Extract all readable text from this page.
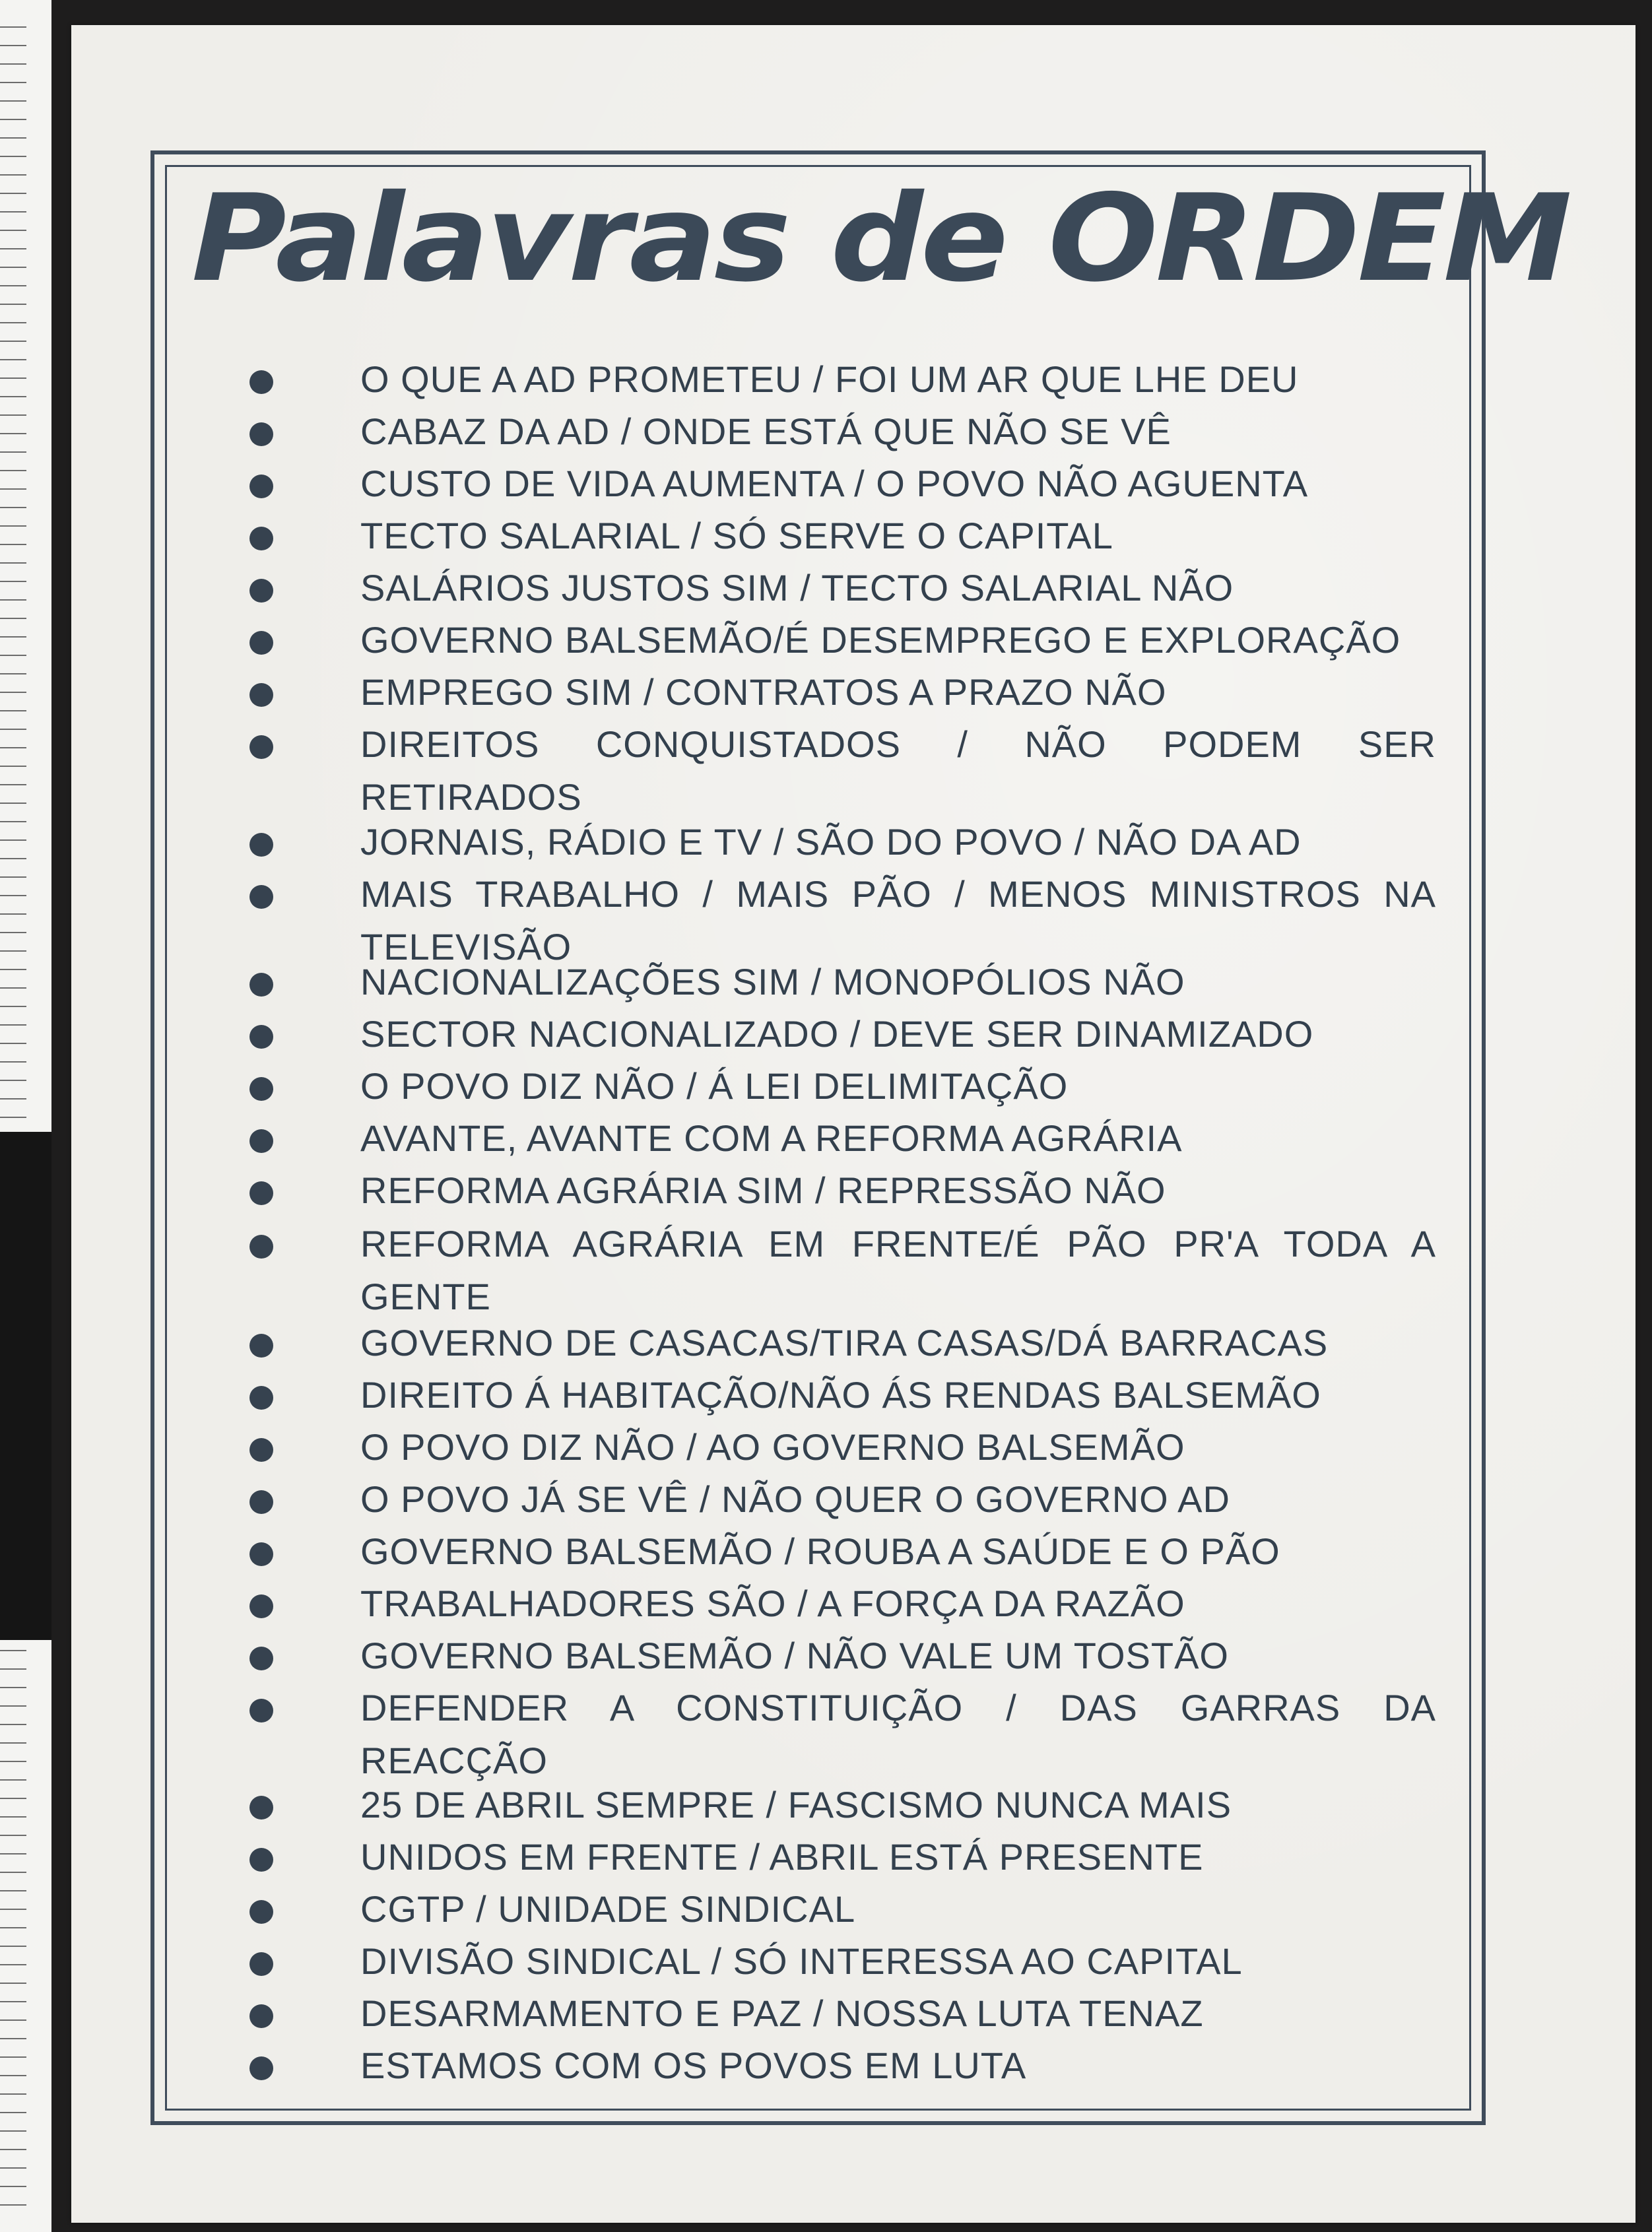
Palavras de ORDEM
O QUE A AD PROMETEU / FOI UM AR QUE LHE DEU
CABAZ DA AD / ONDE ESTÁ QUE NÃO SE VÊ
CUSTO DE VIDA AUMENTA / O POVO NÃO AGUENTA
TECTO SALARIAL / SÓ SERVE O CAPITAL
SALÁRIOS JUSTOS SIM / TECTO SALARIAL NÃO
GOVERNO BALSEMÃO/É DESEMPREGO E EXPLORAÇÃO
EMPREGO SIM / CONTRATOS A PRAZO NÃO
DIREITOS CONQUISTADOS / NÃO PODEM SER RETIRADOS
JORNAIS, RÁDIO E TV / SÃO DO POVO / NÃO DA AD
MAIS TRABALHO / MAIS PÃO / MENOS MINISTROS NA TELEVISÃO
NACIONALIZAÇÕES SIM / MONOPÓLIOS NÃO
SECTOR NACIONALIZADO / DEVE SER DINAMIZADO
O POVO DIZ NÃO / Á LEI DELIMITAÇÃO
AVANTE, AVANTE COM A REFORMA AGRÁRIA
REFORMA AGRÁRIA SIM / REPRESSÃO NÃO
REFORMA AGRÁRIA EM FRENTE/É PÃO PR'A TODA A GENTE
GOVERNO DE CASACAS/TIRA CASAS/DÁ BARRACAS
DIREITO Á HABITAÇÃO/NÃO ÁS RENDAS BALSEMÃO
O POVO DIZ NÃO / AO GOVERNO BALSEMÃO
O POVO JÁ SE VÊ / NÃO QUER O GOVERNO AD
GOVERNO BALSEMÃO / ROUBA A SAÚDE E O PÃO
TRABALHADORES SÃO / A FORÇA DA RAZÃO
GOVERNO BALSEMÃO / NÃO VALE UM TOSTÃO
DEFENDER A CONSTITUIÇÃO / DAS GARRAS DA REACÇÃO
25 DE ABRIL SEMPRE / FASCISMO NUNCA MAIS
UNIDOS EM FRENTE / ABRIL ESTÁ PRESENTE
CGTP / UNIDADE SINDICAL
DIVISÃO SINDICAL / SÓ INTERESSA AO CAPITAL
DESARMAMENTO E PAZ / NOSSA LUTA TENAZ
ESTAMOS COM OS POVOS EM LUTA
